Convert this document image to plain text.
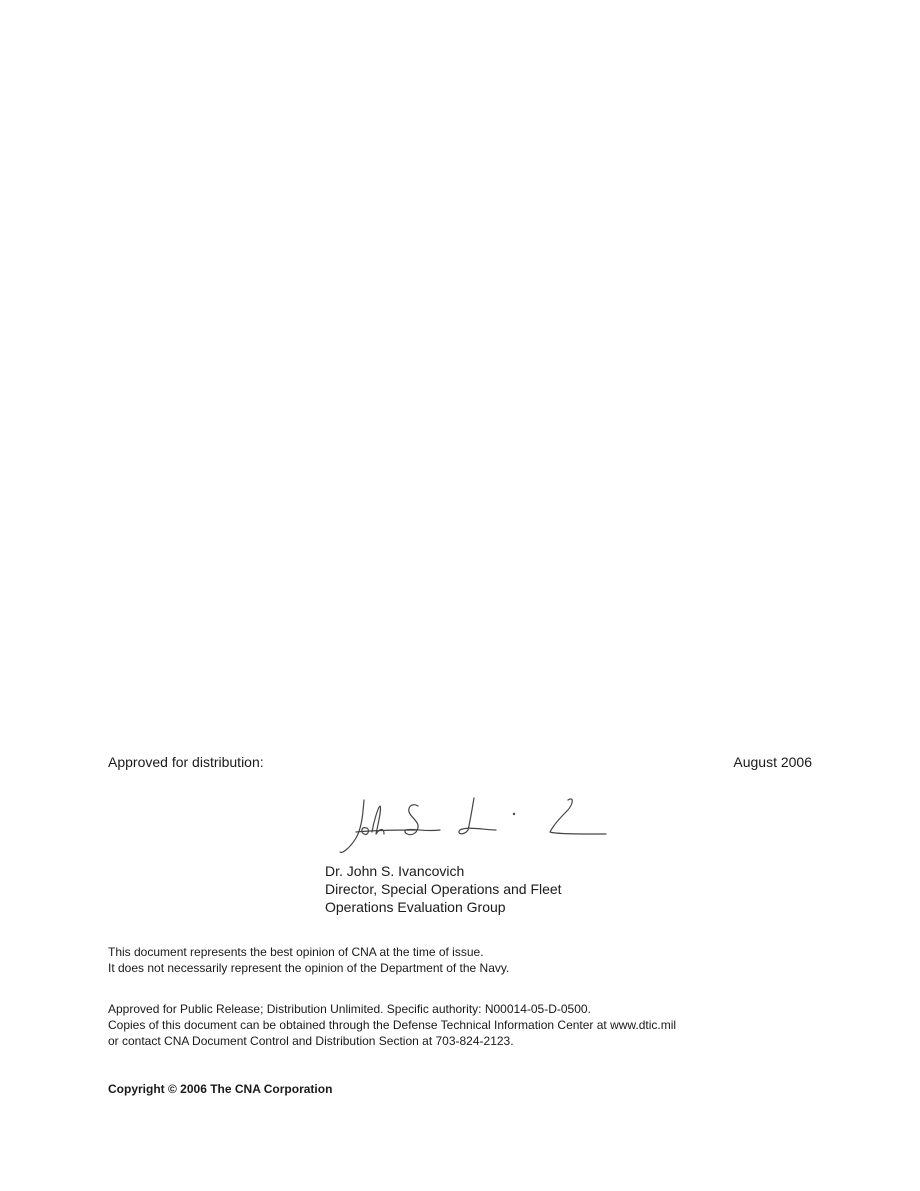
Approved for distribution:	August 2006
Dr. John S. Ivancovich
Director, Special Operations and Fleet
Operations Evaluation Group
This document represents the best opinion of CNA at the time of issue.
It does not necessarily represent the opinion of the Department of the Navy.
Approved for Public Release; Distribution Unlimited. Specific authority: N00014-05-D-0500.
Copies of this document can be obtained through the Defense Technical Information Center at www.dtic.mil
or contact CNA Document Control and Distribution Section at 703-824-2123.
Copyright © 2006 The CNA Corporation
